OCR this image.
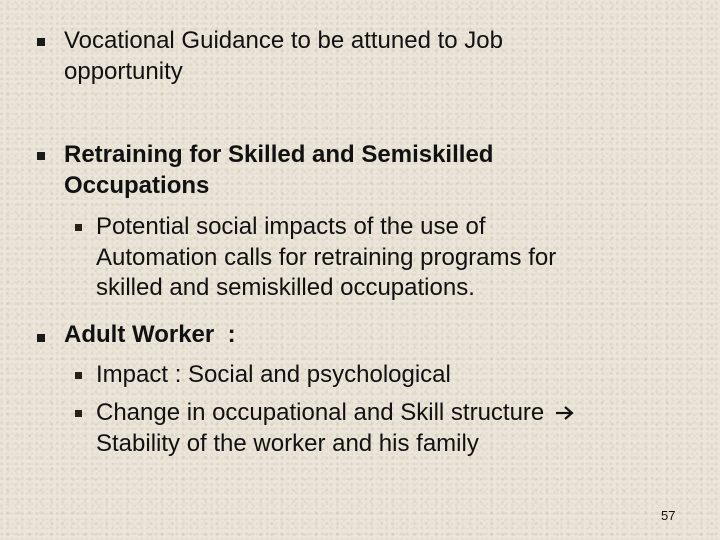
Vocational Guidance to be attuned to Job
opportunity
Retraining for Skilled and Semiskilled
Occupations
Potential social impacts of the use of
Automation calls for retraining programs for
skilled and semiskilled occupations.
Adult Worker  :
Impact : Social and psychological
Change in occupational and Skill structure
Stability of the worker and his family
57
